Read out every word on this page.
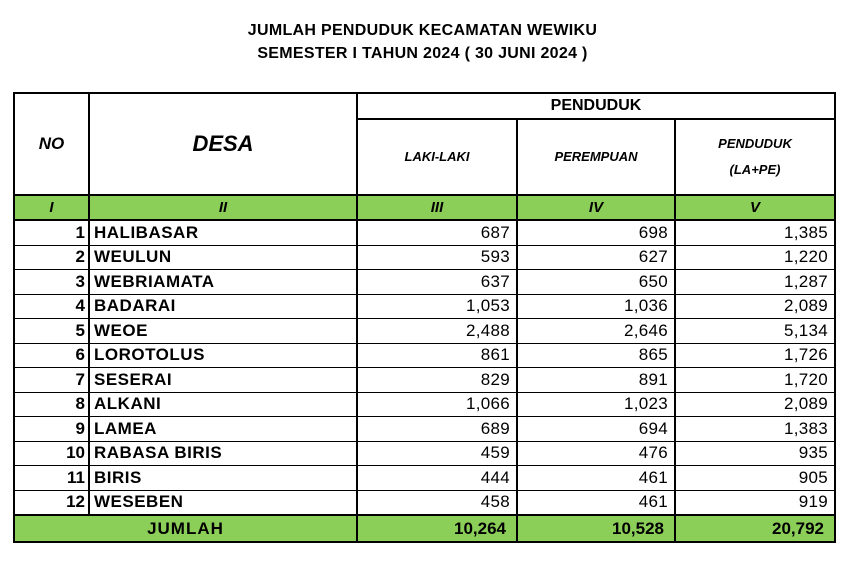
JUMLAH PENDUDUK KECAMATAN WEWIKU
SEMESTER I TAHUN 2024 ( 30 JUNI 2024 )
NO	DESA	PENDUDUK		
		LAKI-LAKI	PEREMPUAN	PENDUDUK
(LA+PE)

I	II	III	IV	V
1	HALIBASAR	687	698	1,385
2	WEULUN	593	627	1,220
3	WEBRIAMATA	637	650	1,287
4	BADARAI	1,053	1,036	2,089
5	WEOE	2,488	2,646	5,134
6	LOROTOLUS	861	865	1,726
7	SESERAI	829	891	1,720
8	ALKANI	1,066	1,023	2,089
9	LAMEA	689	694	1,383
10	RABASA BIRIS	459	476	935
11	BIRIS	444	461	905
12	WESEBEN	458	461	919
JUMLAH		10,264	10,528	20,792
